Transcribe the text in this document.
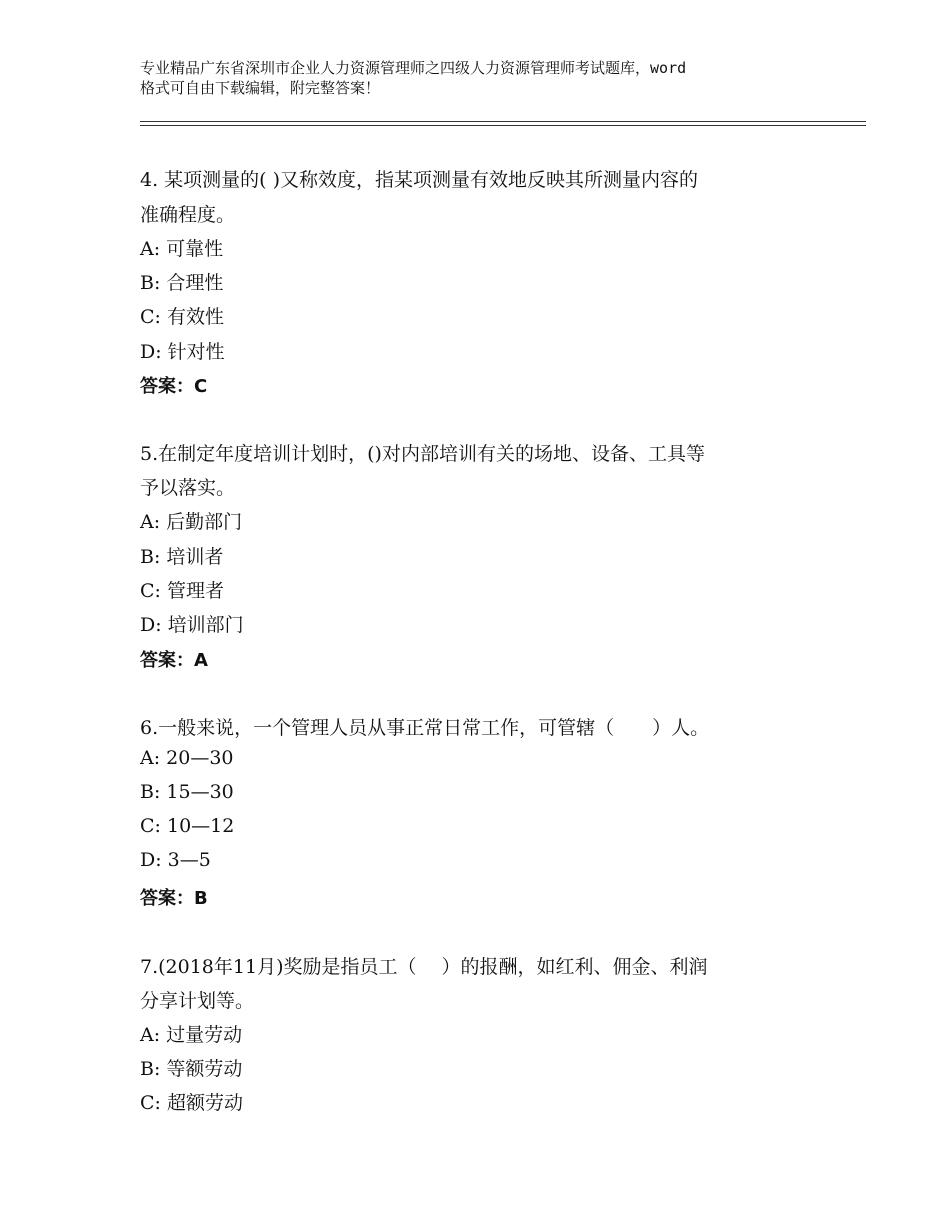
专业精品广东省深圳市企业人力资源管理师之四级人力资源管理师考试题库，word
格式可自由下载编辑，附完整答案！
4. 某项测量的( )又称效度，指某项测量有效地反映其所测量内容的
准确程度。
A: 可靠性
B: 合理性
C: 有效性
D: 针对性
答案：C
5.在制定年度培训计划时，()对内部培训有关的场地、设备、工具等
予以落实。
A: 后勤部门
B: 培训者
C: 管理者
D: 培训部门
答案：A
6.一般来说，一个管理人员从事正常日常工作，可管辖（　　）人。
A: 20—30
B: 15—30
C: 10—12
D: 3—5
答案：B
7.(2018年11月)奖励是指员工（　 ）的报酬，如红利、佣金、利润
分享计划等。
A: 过量劳动
B: 等额劳动
C: 超额劳动
